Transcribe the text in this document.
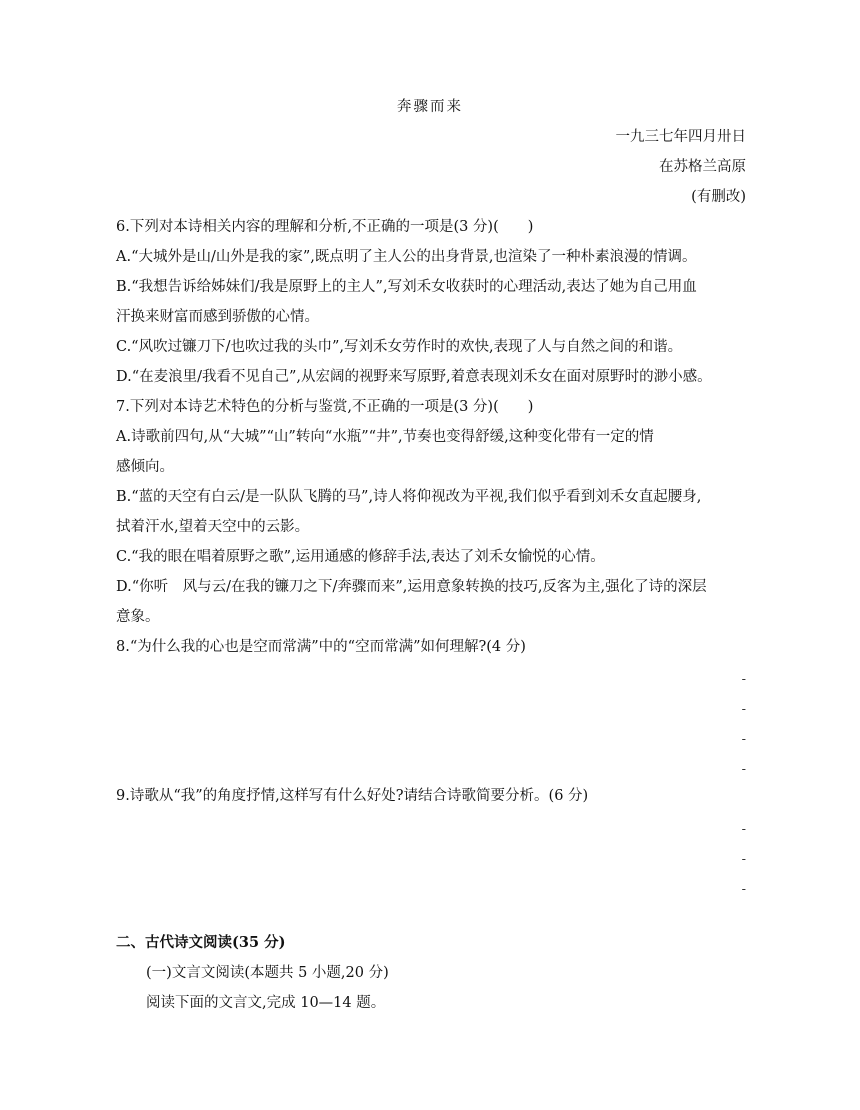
奔骤而来
一九三七年四月卅日
在苏格兰高原
(有删改)
6.下列对本诗相关内容的理解和分析,不正确的一项是(3 分)(　　)
A.“大城外是山/山外是我的家”,既点明了主人公的出身背景,也渲染了一种朴素浪漫的情调。
B.“我想告诉给姊妹们/我是原野上的主人”,写刘禾女收获时的心理活动,表达了她为自己用血
汗换来财富而感到骄傲的心情。
C.“风吹过镰刀下/也吹过我的头巾”,写刘禾女劳作时的欢快,表现了人与自然之间的和谐。
D.“在麦浪里/我看不见自己”,从宏阔的视野来写原野,着意表现刘禾女在面对原野时的渺小感。
7.下列对本诗艺术特色的分析与鉴赏,不正确的一项是(3 分)(　　)
A.诗歌前四句,从“大城”“山”转向“水瓶”“井”,节奏也变得舒缓,这种变化带有一定的情
感倾向。
B.“蓝的天空有白云/是一队队飞腾的马”,诗人将仰视改为平视,我们似乎看到刘禾女直起腰身,
拭着汗水,望着天空中的云影。
C.“我的眼在唱着原野之歌”,运用通感的修辞手法,表达了刘禾女愉悦的心情。
D.“你听　风与云/在我的镰刀之下/奔骤而来”,运用意象转换的技巧,反客为主,强化了诗的深层
意象。
8.“为什么我的心也是空而常满”中的“空而常满”如何理解?(4 分)
-
-
-
-
9.诗歌从“我”的角度抒情,这样写有什么好处?请结合诗歌简要分析。(6 分)
-
-
-
二、古代诗文阅读(35 分)
(一)文言文阅读(本题共 5 小题,20 分)
阅读下面的文言文,完成 10—14 题。
